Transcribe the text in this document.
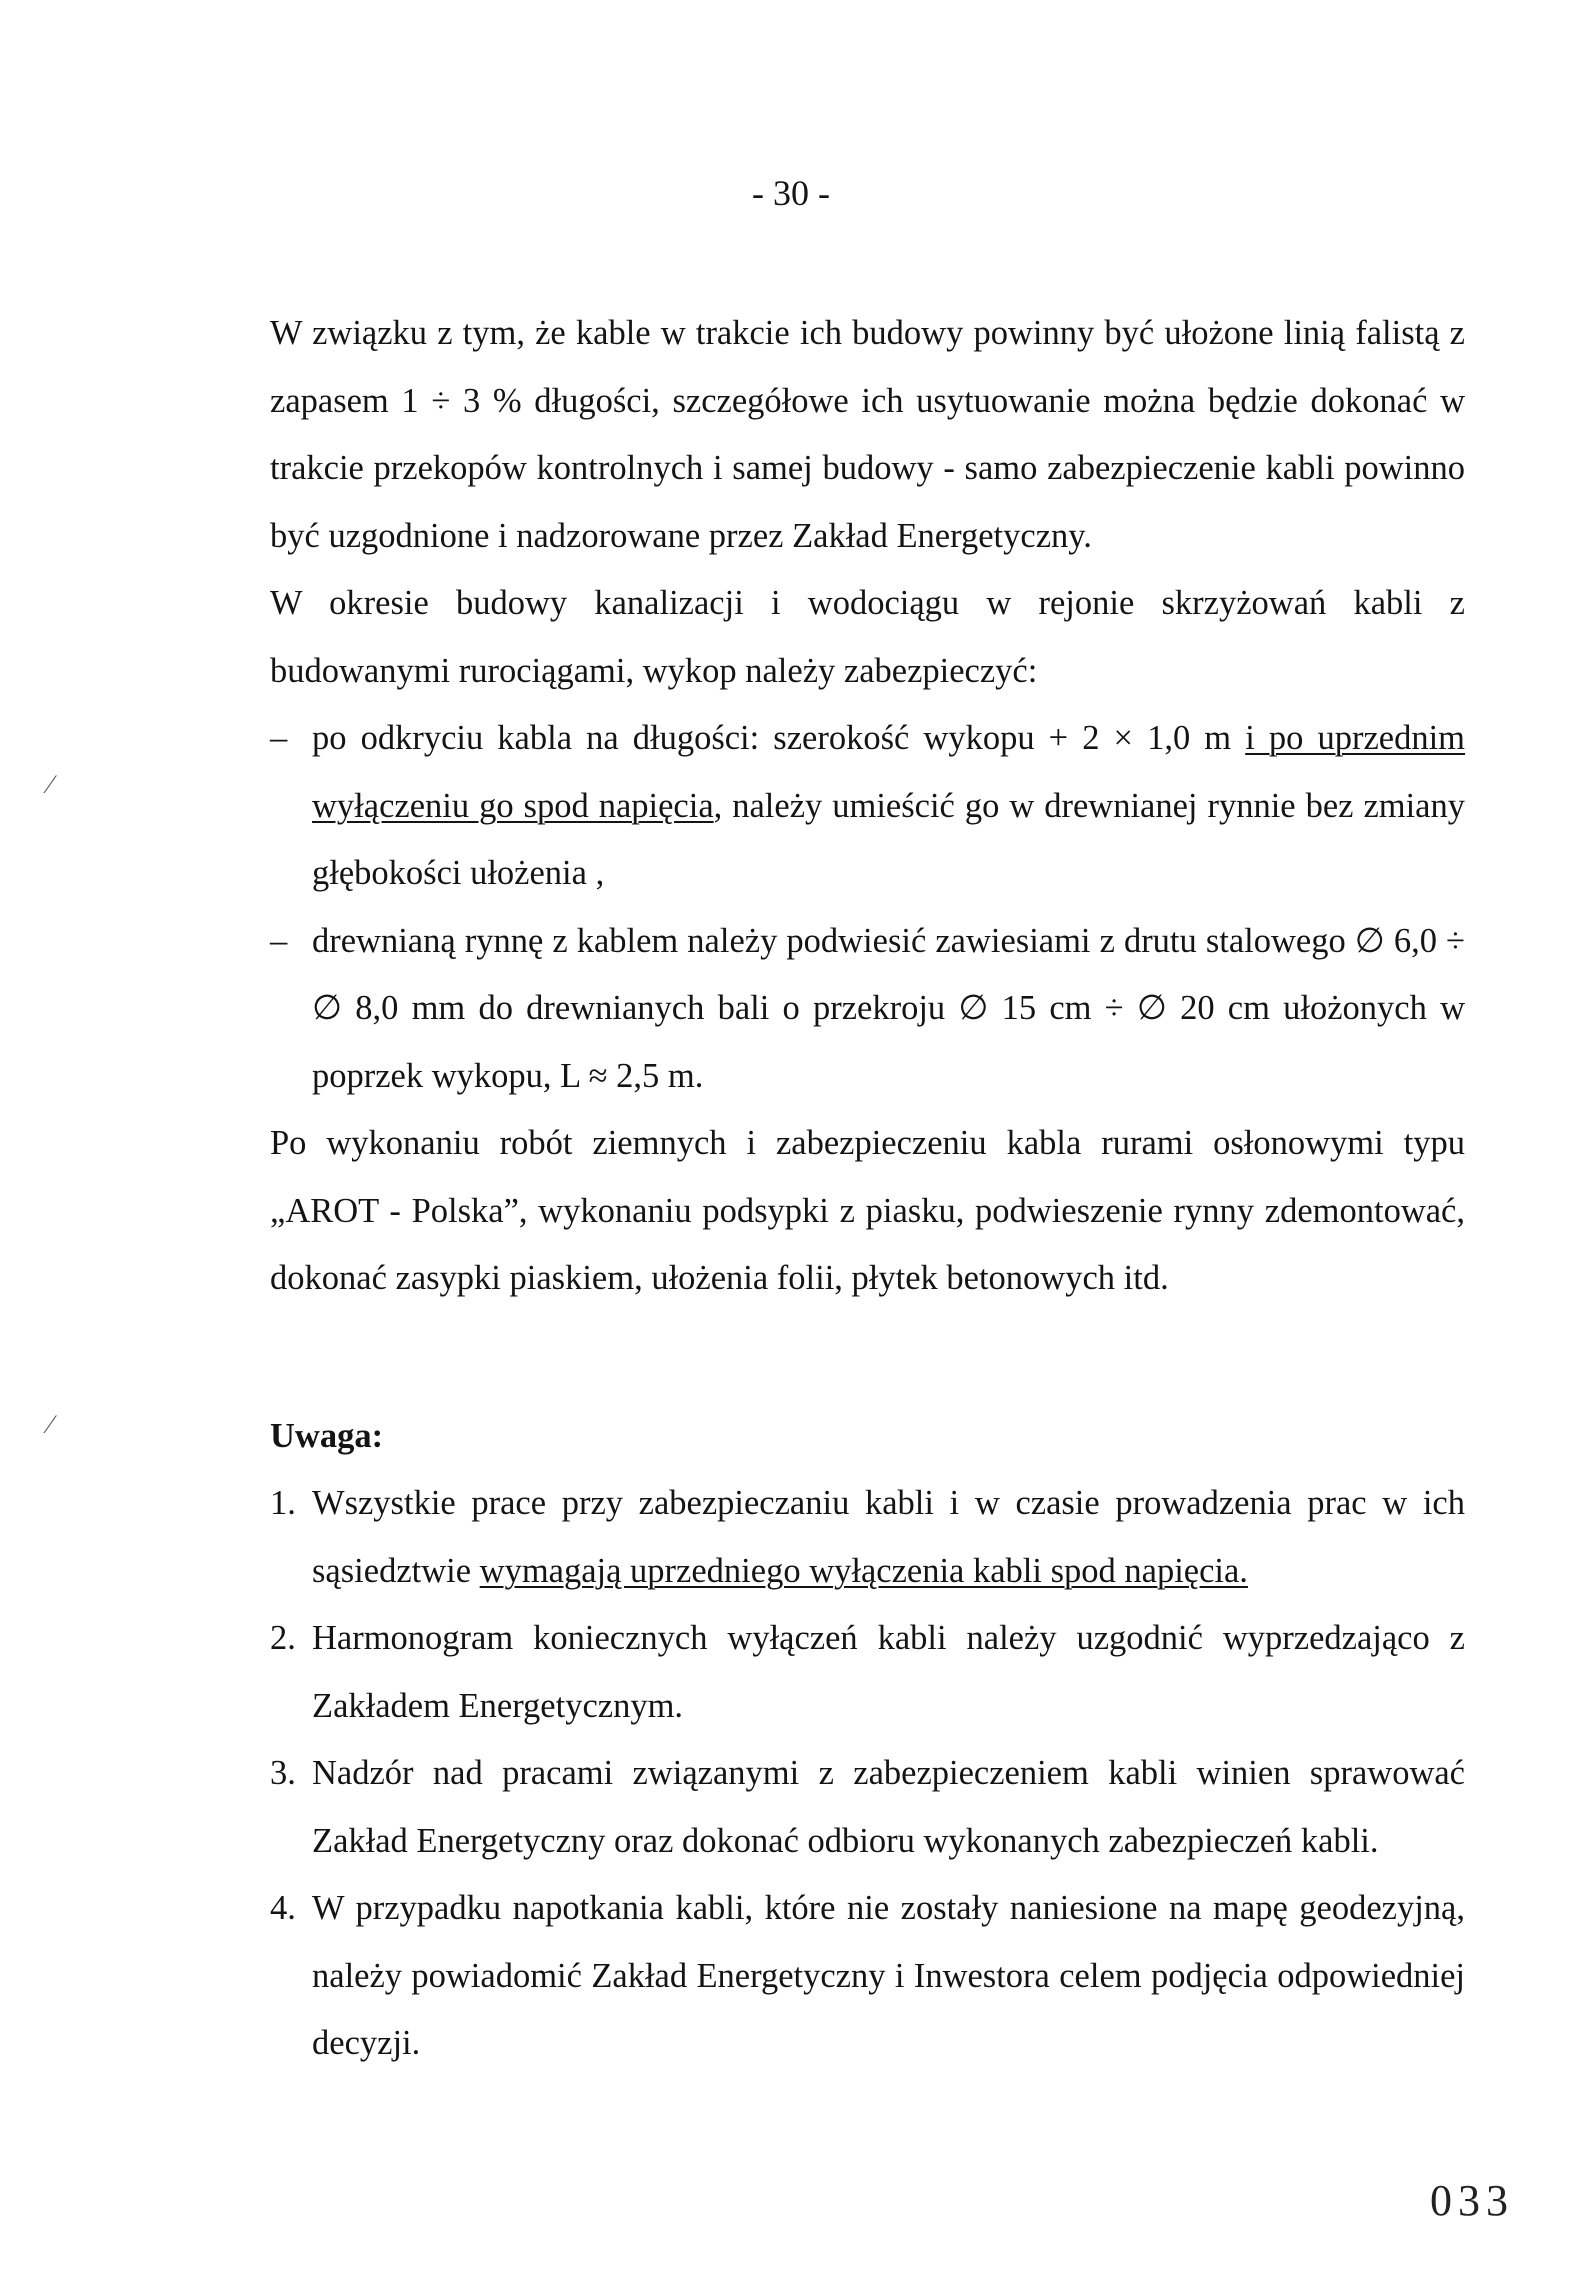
- 30 -
⁄
⁄

W związku z tym, że kable w trakcie ich budowy powinny być ułożone linią falistą z zapasem 1 ÷ 3 % długości, szczegółowe ich usytuowanie można będzie dokonać w trakcie przekopów kontrolnych i samej budowy - samo zabezpieczenie kabli powinno być uzgodnione i nadzorowane przez Zakład Energetyczny.

W okresie budowy kanalizacji i wodociągu w rejonie skrzyżowań kabli z budowanymi rurociągami, wykop należy zabezpieczyć:

– po odkryciu kabla na długości: szerokość wykopu + 2 × 1,0 m i po uprzednim wyłączeniu go spod napięcia, należy umieścić go w drewnianej rynnie bez zmiany głębokości ułożenia ,
– drewnianą rynnę z kablem należy podwiesić zawiesiami z drutu stalowego ∅ 6,0 ÷ ∅ 8,0 mm do drewnianych bali o przekroju ∅ 15 cm ÷ ∅ 20 cm ułożonych w poprzek wykopu, L ≈ 2,5 m.

Po wykonaniu robót ziemnych i zabezpieczeniu kabla rurami osłonowymi typu „AROT - Polska”, wykonaniu podsypki z piasku, podwieszenie rynny zdemontować, dokonać zasypki piaskiem, ułożenia folii, płytek betonowych itd.

Uwaga:
1. Wszystkie prace przy zabezpieczaniu kabli i w czasie prowadzenia prac w ich sąsiedztwie wymagają uprzedniego wyłączenia kabli spod napięcia.
2. Harmonogram koniecznych wyłączeń kabli należy uzgodnić wyprzedzająco z Zakładem Energetycznym.
3. Nadzór nad pracami związanymi z zabezpieczeniem kabli winien sprawować Zakład Energetyczny oraz dokonać odbioru wykonanych zabezpieczeń kabli.
4. W przypadku napotkania kabli, które nie zostały naniesione na mapę geodezyjną, należy powiadomić Zakład Energetyczny i Inwestora celem podjęcia odpowiedniej decyzji.
033
